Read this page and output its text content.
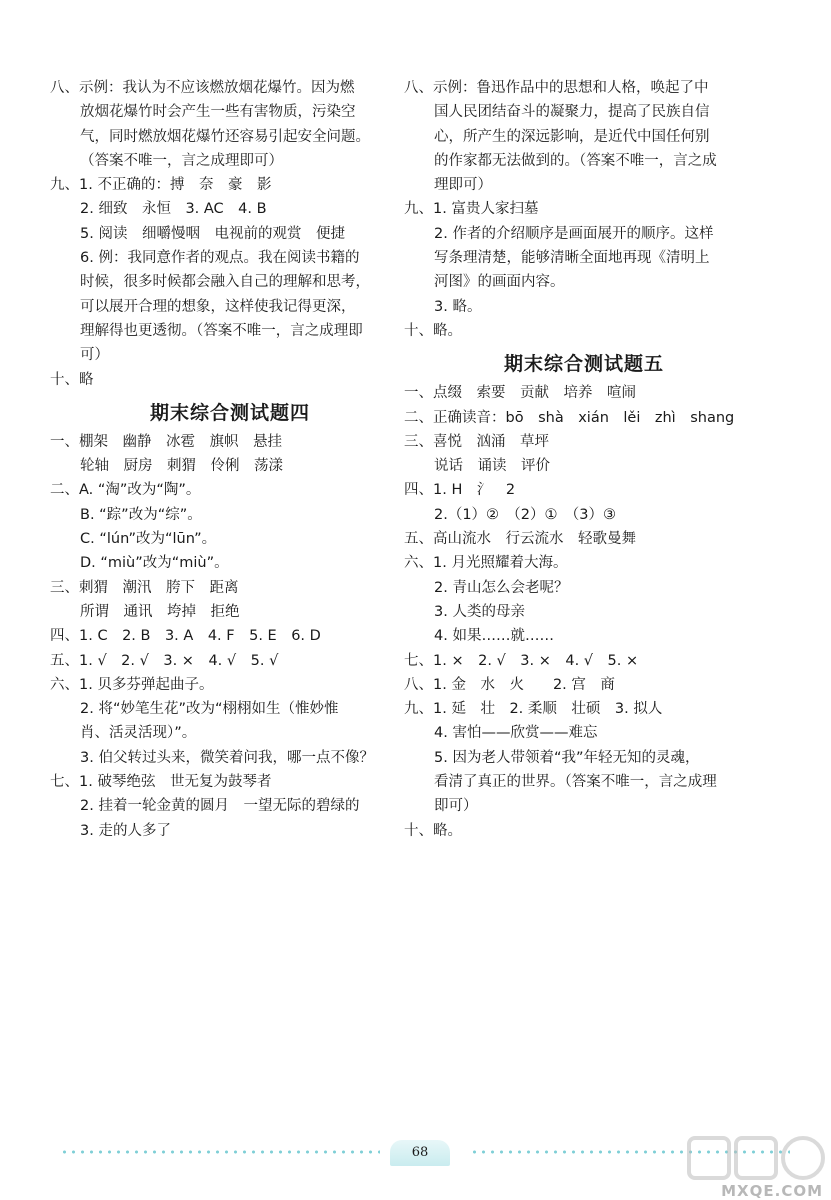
八、示例：我认为不应该燃放烟花爆竹。因为燃
放烟花爆竹时会产生一些有害物质，污染空
气，同时燃放烟花爆竹还容易引起安全问题。
（答案不唯一，言之成理即可）
九、1. 不正确的：搏　奈　豪　影
2. 细致　永恒　3. AC　4. B
5. 阅读　细嚼慢咽　电视前的观赏　便捷
6. 例：我同意作者的观点。我在阅读书籍的
时候，很多时候都会融入自己的理解和思考，
可以展开合理的想象，这样使我记得更深，
理解得也更透彻。（答案不唯一，言之成理即
可）
十、略
期末综合测试题四
一、棚架　幽静　冰雹　旗帜　悬挂
轮轴　厨房　刺猬　伶俐　荡漾
二、A. “淘”改为“陶”。
B. “踪”改为“综”。
C. “lún”改为“lūn”。
D. “miù”改为“miù”。
三、刺猬　潮汛　胯下　距离
所谓　通讯　垮掉　拒绝
四、1. C　2. B　3. A　4. F　5. E　6. D
五、1. √　2. √　3. ×　4. √　5. √
六、1. 贝多芬弹起曲子。
2. 将“妙笔生花”改为“栩栩如生（惟妙惟
肖、活灵活现）”。
3. 伯父转过头来，微笑着问我，哪一点不像？
七、1. 破琴绝弦　世无复为鼓琴者
2. 挂着一轮金黄的圆月　一望无际的碧绿的
3. 走的人多了
八、示例：鲁迅作品中的思想和人格，唤起了中
国人民团结奋斗的凝聚力，提高了民族自信
心，所产生的深远影响，是近代中国任何别
的作家都无法做到的。（答案不唯一，言之成
理即可）
九、1. 富贵人家扫墓
2. 作者的介绍顺序是画面展开的顺序。这样
写条理清楚，能够清晰全面地再现《清明上
河图》的画面内容。
3. 略。
十、略。
期末综合测试题五
一、点缀　索要　贡献　培养　喧闹
二、正确读音：bō　shà　xián　lěi　zhì　shang
三、喜悦　汹涌　草坪
说话　诵读　评价
四、1. H　氵　2
2.（1）②　（2）①　（3）③
五、高山流水　行云流水　轻歌曼舞
六、1. 月光照耀着大海。
2. 青山怎么会老呢？
3. 人类的母亲
4. 如果……就……
七、1. ×　2. √　3. ×　4. √　5. ×
八、1. 金　水　火　　2. 宫　商
九、1. 延　壮　2. 柔顺　壮硕　3. 拟人
4. 害怕——欣赏——难忘
5. 因为老人带领着“我”年轻无知的灵魂，
看清了真正的世界。（答案不唯一，言之成理
即可）
十、略。
68
MXQE.COM
